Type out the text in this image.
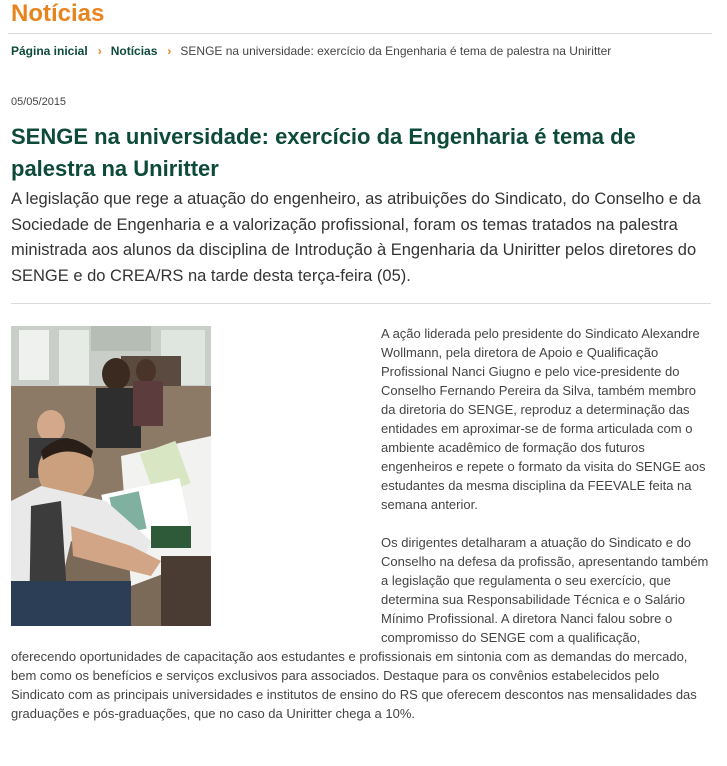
Notícias
Página inicial › Notícias › SENGE na universidade: exercício da Engenharia é tema de palestra na Uniritter
05/05/2015
SENGE na universidade: exercício da Engenharia é tema de palestra na Uniritter

A legislação que rege a atuação do engenheiro, as atribuições do Sindicato, do Conselho e da Sociedade de Engenharia e a valorização profissional, foram os temas tratados na palestra ministrada aos alunos da disciplina de Introdução à Engenharia da Uniritter pelos diretores do SENGE e do CREA/RS na tarde desta terça-feira (05).

A ação liderada pelo presidente do Sindicato Alexandre Wollmann, pela diretora de Apoio e Qualificação Profissional Nanci Giugno e pelo vice-presidente do Conselho Fernando Pereira da Silva, também membro da diretoria do SENGE, reproduz a determinação das entidades em aproximar-se de forma articulada com o ambiente acadêmico de formação dos futuros engenheiros e repete o formato da visita do SENGE aos estudantes da mesma disciplina da FEEVALE feita na semana anterior.

Os dirigentes detalharam a atuação do Sindicato e do Conselho na defesa da profissão, apresentando também a legislação que regulamenta o seu exercício, que determina sua Responsabilidade Técnica e o Salário Mínimo Profissional. A diretora Nanci falou sobre o compromisso do SENGE com a qualificação, oferecendo oportunidades de capacitação aos estudantes e profissionais em sintonia com as demandas do mercado, bem como os benefícios e serviços exclusivos para associados. Destaque para os convênios estabelecidos pelo Sindicato com as principais universidades e institutos de ensino do RS que oferecem descontos nas mensalidades das graduações e pós-graduações, que no caso da Uniritter chega a 10%.
